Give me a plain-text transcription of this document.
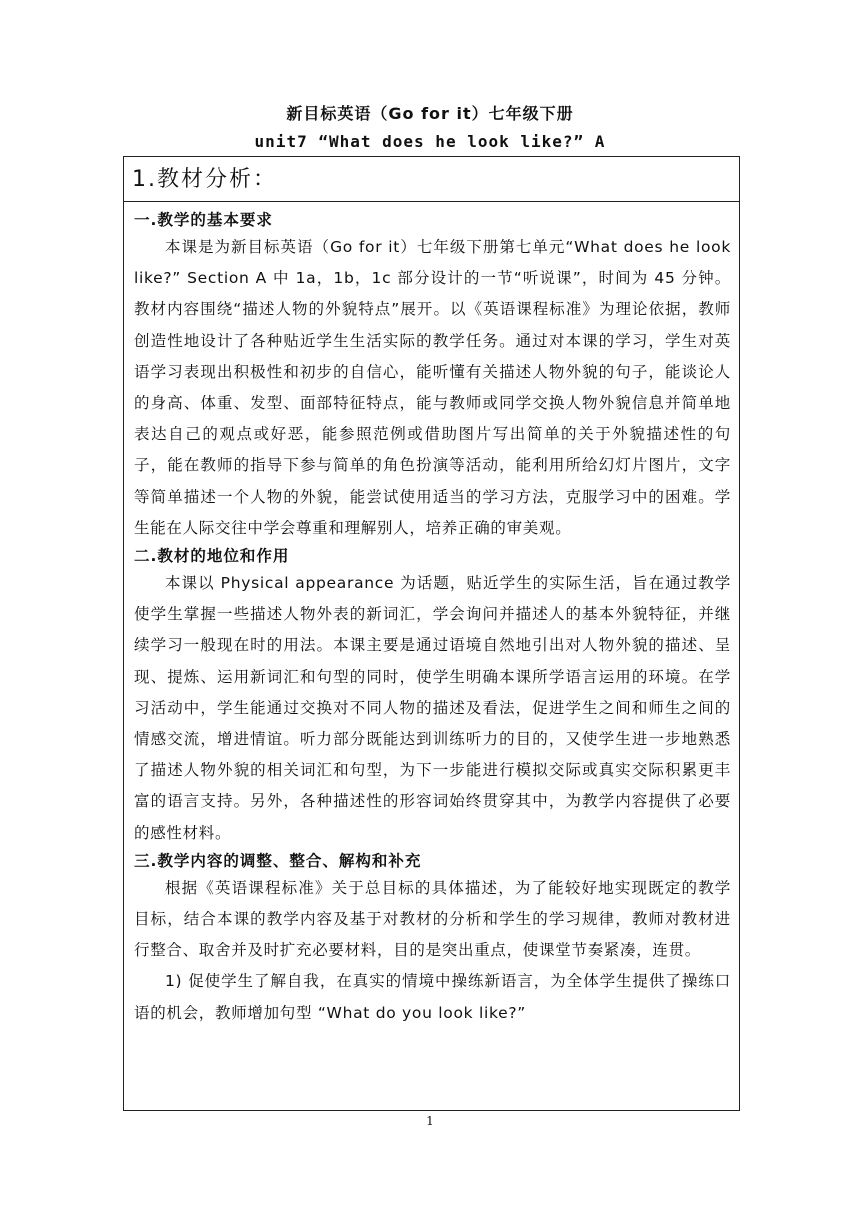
新目标英语（Go for it）七年级下册
unit7 “What does he look like?” A
1.教材分析：
一.教学的基本要求

本课是为新目标英语（Go for it）七年级下册第七单元“What does he look like?” Section A 中 1a，1b，1c 部分设计的一节“听说课”，时间为 45 分钟。教材内容围绕“描述人物的外貌特点”展开。以《英语课程标准》为理论依据，教师创造性地设计了各种贴近学生生活实际的教学任务。通过对本课的学习，学生对英语学习表现出积极性和初步的自信心，能听懂有关描述人物外貌的句子，能谈论人的身高、体重、发型、面部特征特点，能与教师或同学交换人物外貌信息并简单地表达自己的观点或好恶，能参照范例或借助图片写出简单的关于外貌描述性的句子，能在教师的指导下参与简单的角色扮演等活动，能利用所给幻灯片图片，文字等简单描述一个人物的外貌，能尝试使用适当的学习方法，克服学习中的困难。学生能在人际交往中学会尊重和理解别人，培养正确的审美观。

二.教材的地位和作用

本课以 Physical appearance 为话题，贴近学生的实际生活，旨在通过教学使学生掌握一些描述人物外表的新词汇，学会询问并描述人的基本外貌特征，并继续学习一般现在时的用法。本课主要是通过语境自然地引出对人物外貌的描述、呈现、提炼、运用新词汇和句型的同时，使学生明确本课所学语言运用的环境。在学习活动中，学生能通过交换对不同人物的描述及看法，促进学生之间和师生之间的情感交流，增进情谊。听力部分既能达到训练听力的目的，又使学生进一步地熟悉了描述人物外貌的相关词汇和句型，为下一步能进行模拟交际或真实交际积累更丰富的语言支持。另外，各种描述性的形容词始终贯穿其中，为教学内容提供了必要的感性材料。

三.教学内容的调整、整合、解构和补充

根据《英语课程标准》关于总目标的具体描述，为了能较好地实现既定的教学目标，结合本课的教学内容及基于对教材的分析和学生的学习规律，教师对教材进行整合、取舍并及时扩充必要材料，目的是突出重点，使课堂节奏紧凑，连贯。

1) 促使学生了解自我，在真实的情境中操练新语言，为全体学生提供了操练口语的机会，教师增加句型 “What do you look like?”

1
